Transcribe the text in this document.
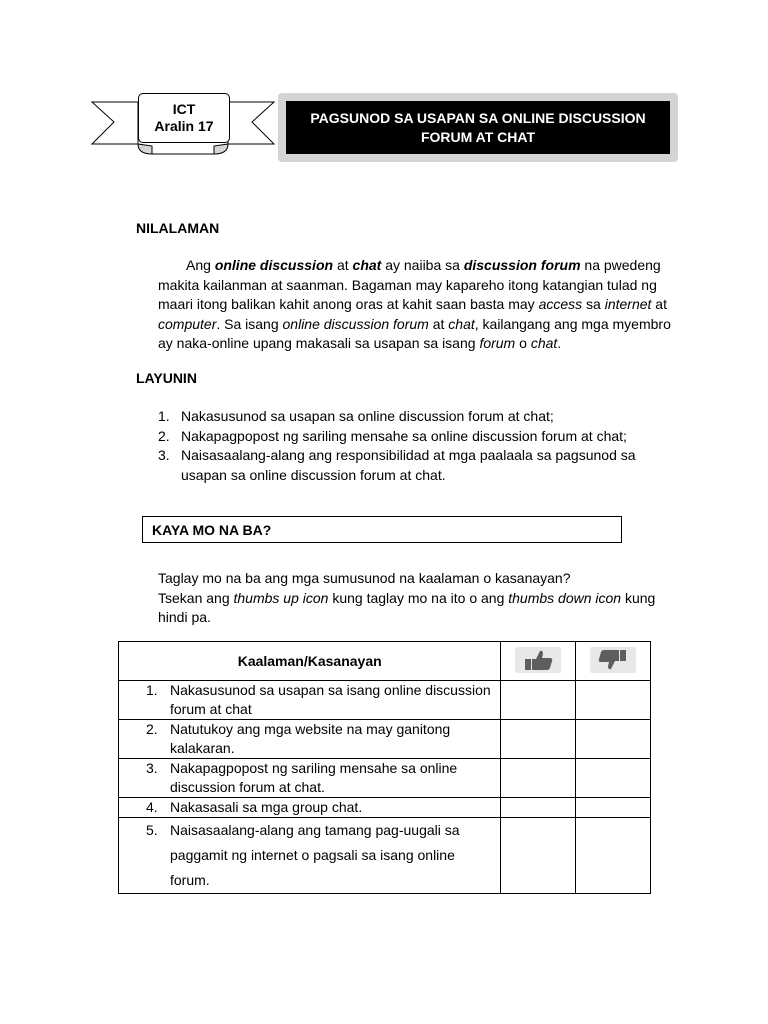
ICT
Aralin 17
PAGSUNOD SA USAPAN SA ONLINE DISCUSSION
FORUM AT CHAT
NILALAMAN
Ang online discussion at chat ay naiiba sa discussion forum na pwedeng
makita kailanman at saanman. Bagaman may kapareho itong katangian tulad ng
maari itong balikan kahit anong oras at kahit saan basta may access sa internet at
computer. Sa isang online discussion forum at chat, kailangang ang mga myembro
ay naka-online upang makasali sa usapan sa isang forum o chat.
LAYUNIN
1. Nakasusunod sa usapan sa online discussion forum at chat;
2. Nakapagpopost ng sariling mensahe sa online discussion forum at chat;
3. Naisasaalang-alang ang responsibilidad at mga paalaala sa pagsunod sa usapan sa online discussion forum at chat.
KAYA MO NA BA?
Taglay mo na ba ang mga sumusunod na kaalaman o kasanayan?
Tsekan ang thumbs up icon kung taglay mo na ito o ang thumbs down icon kung
hindi pa.
Kaalaman/Kasanayan	

1. Nakasusunod sa usapan sa isang online discussion forum at chat		

2. Natutukoy ang mga website na may ganitong kalakaran.		

3. Nakapagpopost ng sariling mensahe sa online discussion forum at chat.		

4. Nakasasali sa mga group chat.		

5. Naisasaalang-alang ang tamang pag-uugali sa paggamit ng internet o pagsali sa isang online forum.		
